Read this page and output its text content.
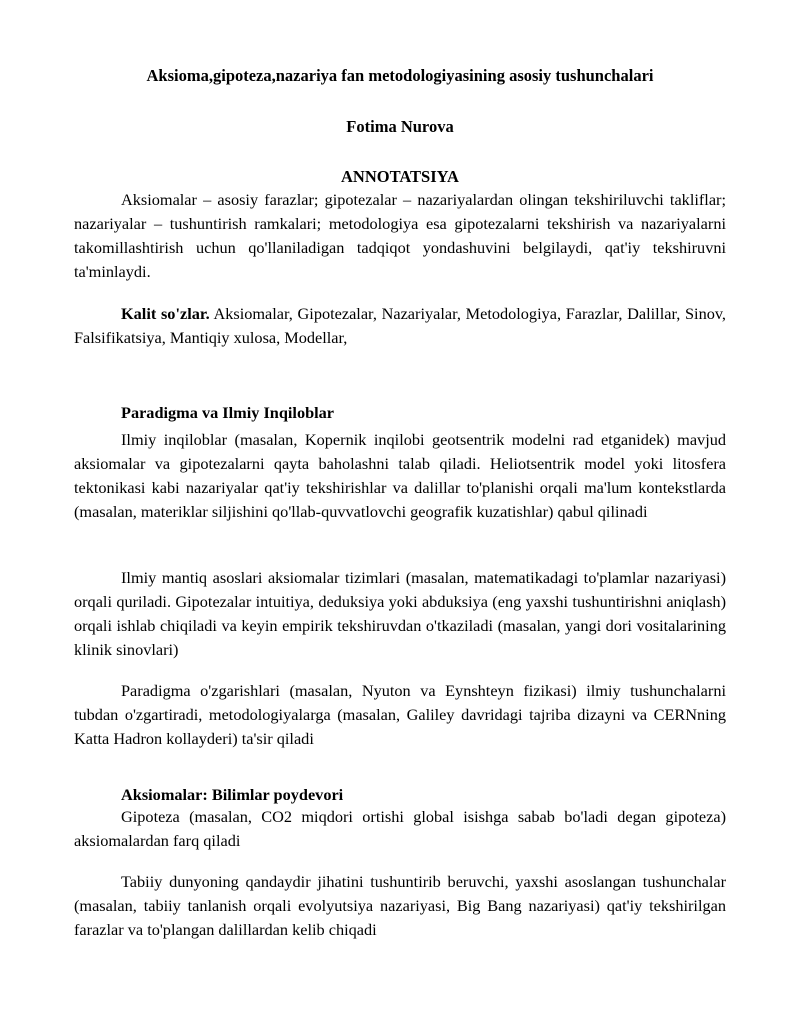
Aksioma,gipoteza,nazariya fan metodologiyasining asosiy tushunchalari
Fotima Nurova
ANNOTATSIYA

Aksiomalar – asosiy farazlar; gipotezalar – nazariyalardan olingan tekshiriluvchi takliflar; nazariyalar – tushuntirish ramkalari; metodologiya esa gipotezalarni tekshirish va nazariyalarni takomillashtirish uchun qo'llaniladigan tadqiqot yondashuvini belgilaydi, qat'iy tekshiruvni ta'minlaydi.

Kalit so'zlar. Aksiomalar, Gipotezalar, Nazariyalar, Metodologiya, Farazlar, Dalillar, Sinov, Falsifikatsiya, Mantiqiy xulosa, Modellar,

Paradigma va Ilmiy Inqiloblar

Ilmiy inqiloblar (masalan, Kopernik inqilobi geotsentrik modelni rad etganidek) mavjud aksiomalar va gipotezalarni qayta baholashni talab qiladi. Heliotsentrik model yoki litosfera tektonikasi kabi nazariyalar qat'iy tekshirishlar va dalillar to'planishi orqali ma'lum kontekstlarda (masalan, materiklar siljishini qo'llab-quvvatlovchi geografik kuzatishlar) qabul qilinadi

Ilmiy mantiq asoslari aksiomalar tizimlari (masalan, matematikadagi to'plamlar nazariyasi) orqali quriladi. Gipotezalar intuitiya, deduksiya yoki abduksiya (eng yaxshi tushuntirishni aniqlash) orqali ishlab chiqiladi va keyin empirik tekshiruvdan o'tkaziladi (masalan, yangi dori vositalarining klinik sinovlari)

Paradigma o'zgarishlari (masalan, Nyuton va Eynshteyn fizikasi) ilmiy tushunchalarni tubdan o'zgartiradi, metodologiyalarga (masalan, Galiley davridagi tajriba dizayni va CERNning Katta Hadron kollayderi) ta'sir qiladi

Aksiomalar: Bilimlar poydevori

Gipoteza (masalan, CO2 miqdori ortishi global isishga sabab bo'ladi degan gipoteza) aksiomalardan farq qiladi

Tabiiy dunyoning qandaydir jihatini tushuntirib beruvchi, yaxshi asoslangan tushunchalar (masalan, tabiiy tanlanish orqali evolyutsiya nazariyasi, Big Bang nazariyasi) qat'iy tekshirilgan farazlar va to'plangan dalillardan kelib chiqadi
